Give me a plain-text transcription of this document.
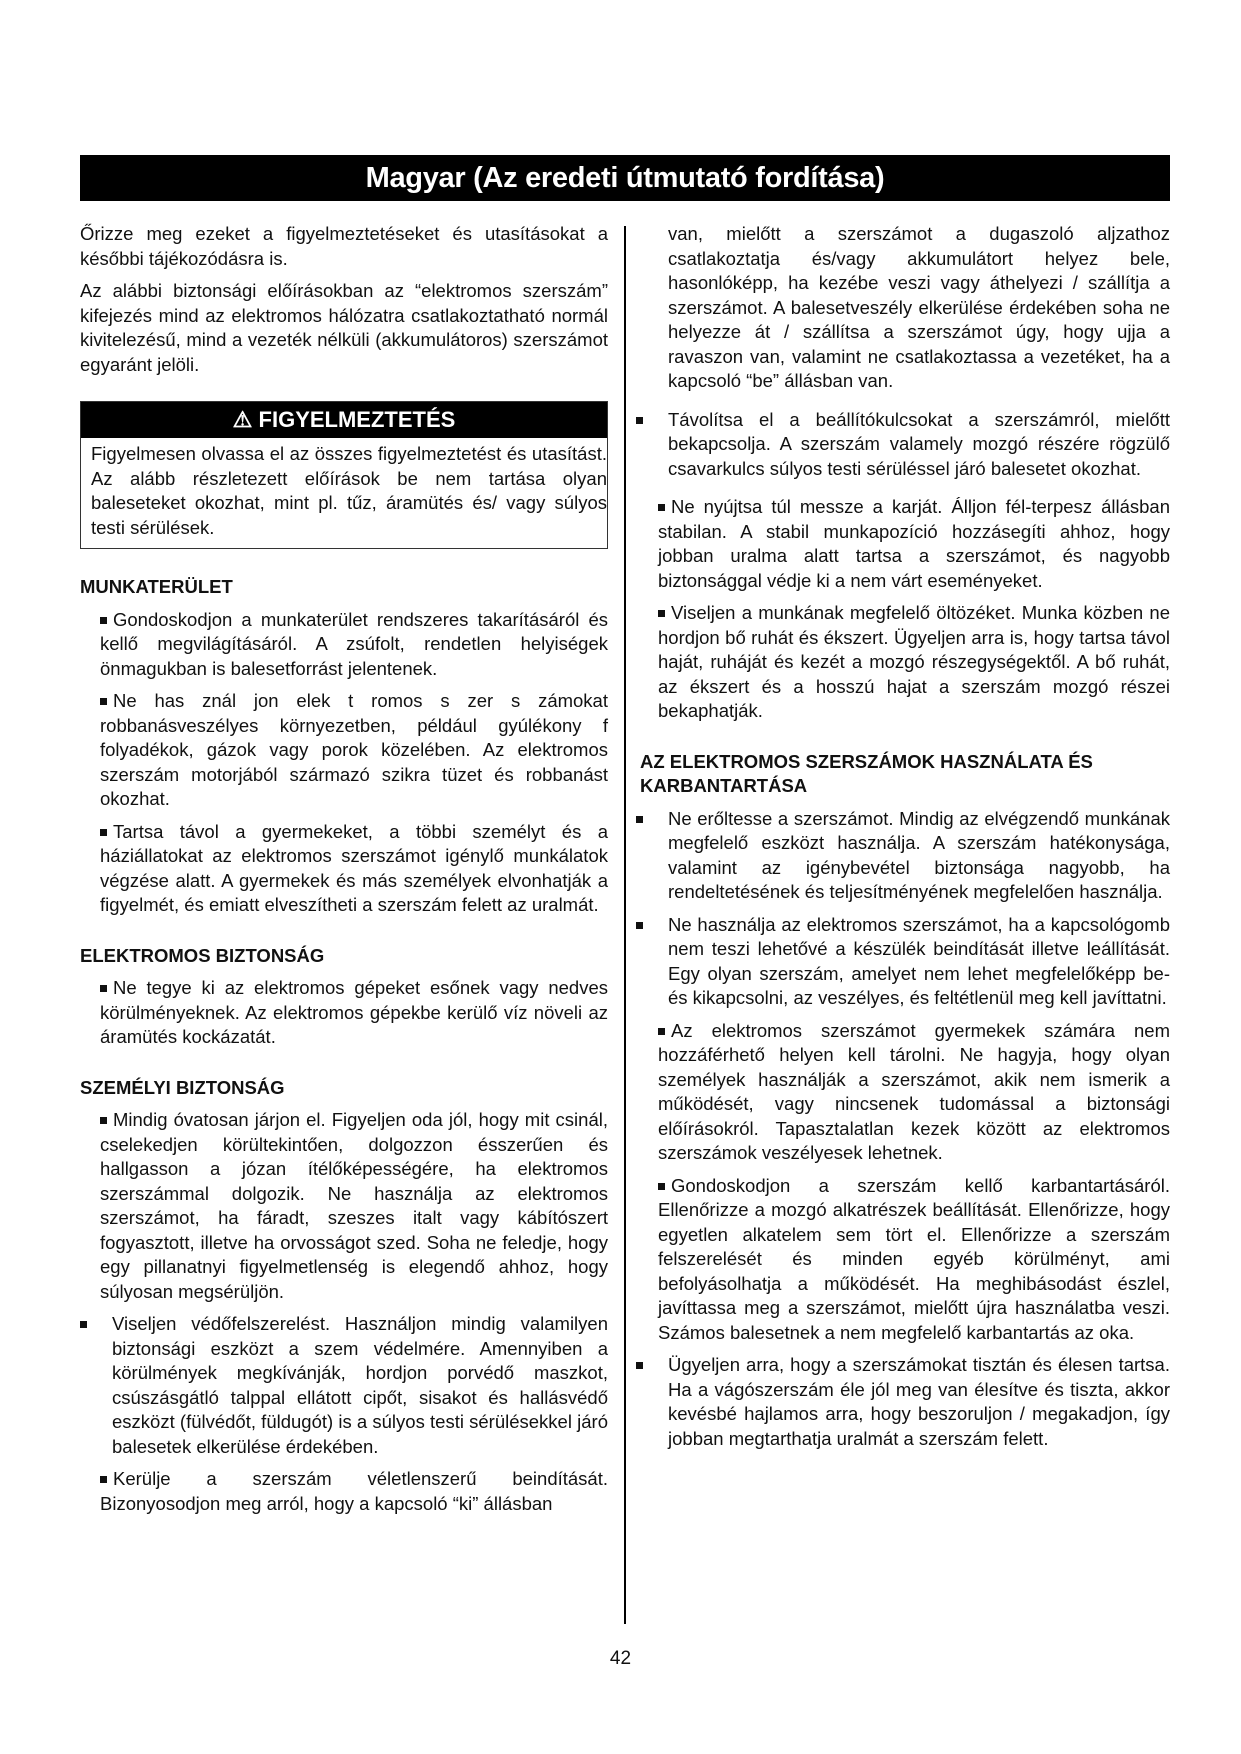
Magyar (Az eredeti útmutató fordítása)

Őrizze meg ezeket a figyelmeztetéseket és utasításokat a későbbi tájékozódásra is.

Az alábbi biztonsági előírásokban az “elektromos szerszám” kifejezés mind az elektromos hálózatra csatlakoztatható normál kivitelezésű, mind a vezeték nélküli (akkumulátoros) szerszámot egyaránt jelöli.

⚠ FIGYELMEZTETÉS
Figyelmesen olvassa el az összes figyelmeztetést és utasítást. Az alább részletezett előírások be nem tartása olyan baleseteket okozhat, mint pl. tűz, áramütés és/ vagy súlyos testi sérülések.
MUNKATERÜLET
Gondoskodjon a munkaterület rendszeres takarításáról és kellő megvilágításáról. A zsúfolt, rendetlen helyiségek önmagukban is balesetforrást jelentenek.
Ne has znál jon elek t romos s zer s zámokat robbanásveszélyes környezetben, például gyúlékony f folyadékok, gázok vagy porok közelében. Az elektromos szerszám motorjából származó szikra tüzet és robbanást okozhat.
Tartsa távol a gyermekeket, a többi személyt és a háziállatokat az elektromos szerszámot igénylő munkálatok végzése alatt. A gyermekek és más személyek elvonhatják a figyelmét, és emiatt elveszítheti a szerszám felett az uralmát.
ELEKTROMOS BIZTONSÁG
Ne tegye ki az elektromos gépeket esőnek vagy nedves körülményeknek. Az elektromos gépekbe kerülő víz növeli az áramütés kockázatát.
SZEMÉLYI BIZTONSÁG
Mindig óvatosan járjon el. Figyeljen oda jól, hogy mit csinál, cselekedjen körültekintően, dolgozzon ésszerűen és hallgasson a józan ítélőképességére, ha elektromos szerszámmal dolgozik. Ne használja az elektromos szerszámot, ha fáradt, szeszes italt vagy kábítószert fogyasztott, illetve ha orvosságot szed. Soha ne feledje, hogy egy pillanatnyi figyelmetlenség is elegendő ahhoz, hogy súlyosan megsérüljön.
Viseljen védőfelszerelést. Használjon mindig valamilyen biztonsági eszközt a szem védelmére. Amennyiben a körülmények megkívánják, hordjon porvédő maszkot, csúszásgátló talppal ellátott cipőt, sisakot és hallásvédő eszközt (fülvédőt, füldugót) is a súlyos testi sérülésekkel járó balesetek elkerülése érdekében.
Kerülje a szerszám véletlenszerű beindítását. Bizonyosodjon meg arról, hogy a kapcsoló “ki” állásban

van, mielőtt a szerszámot a dugaszoló aljzathoz csatlakoztatja és/vagy akkumulátort helyez bele, hasonlóképp, ha kezébe veszi vagy áthelyezi / szállítja a szerszámot. A balesetveszély elkerülése érdekében soha ne helyezze át / szállítsa a szerszámot úgy, hogy ujja a ravaszon van, valamint ne csatlakoztassa a vezetéket, ha a kapcsoló “be” állásban van.

Távolítsa el a beállítókulcsokat a szerszámról, mielőtt bekapcsolja. A szerszám valamely mozgó részére rögzülő csavarkulcs súlyos testi sérüléssel járó balesetet okozhat.
Ne nyújtsa túl messze a karját. Álljon fél-terpesz állásban stabilan. A stabil munkapozíció hozzásegíti ahhoz, hogy jobban uralma alatt tartsa a szerszámot, és nagyobb biztonsággal védje ki a nem várt eseményeket.
Viseljen a munkának megfelelő öltözéket. Munka közben ne hordjon bő ruhát és ékszert. Ügyeljen arra is, hogy tartsa távol haját, ruháját és kezét a mozgó részegységektől. A bő ruhát, az ékszert és a hosszú hajat a szerszám mozgó részei bekaphatják.
AZ ELEKTROMOS SZERSZÁMOK HASZNÁLATA ÉS KARBANTARTÁSA
Ne erőltesse a szerszámot. Mindig az elvégzendő munkának megfelelő eszközt használja. A szerszám hatékonysága, valamint az igénybevétel biztonsága nagyobb, ha rendeltetésének és teljesítményének megfelelően használja.
Ne használja az elektromos szerszámot, ha a kapcsológomb nem teszi lehetővé a készülék beindítását illetve leállítását. Egy olyan szerszám, amelyet nem lehet megfelelőképp be- és kikapcsolni, az veszélyes, és feltétlenül meg kell javíttatni.
Az elektromos szerszámot gyermekek számára nem hozzáférhető helyen kell tárolni. Ne hagyja, hogy olyan személyek használják a szerszámot, akik nem ismerik a működését, vagy nincsenek tudomással a biztonsági előírásokról. Tapasztalatlan kezek között az elektromos szerszámok veszélyesek lehetnek.
Gondoskodjon a szerszám kellő karbantartásáról. Ellenőrizze a mozgó alkatrészek beállítását. Ellenőrizze, hogy egyetlen alkatelem sem tört el. Ellenőrizze a szerszám felszerelését és minden egyéb körülményt, ami befolyásolhatja a működését. Ha meghibásodást észlel, javíttassa meg a szerszámot, mielőtt újra használatba veszi. Számos balesetnek a nem megfelelő karbantartás az oka.
Ügyeljen arra, hogy a szerszámokat tisztán és élesen tartsa. Ha a vágószerszám éle jól meg van élesítve és tiszta, akkor kevésbé hajlamos arra, hogy beszoruljon / megakadjon, így jobban megtarthatja uralmát a szerszám felett.
42
